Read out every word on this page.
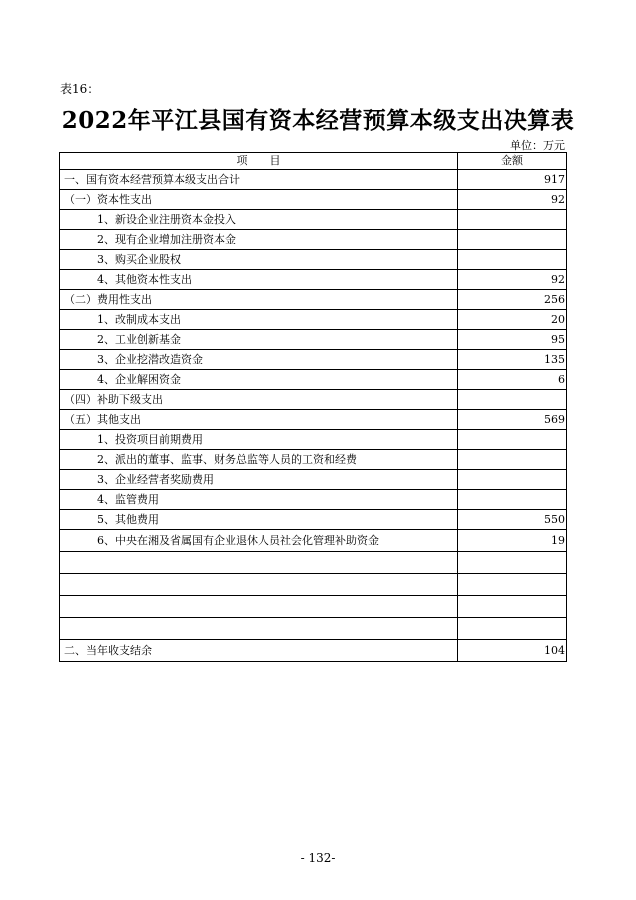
表16：
2022年平江县国有资本经营预算本级支出决算表
单位：万元
项　　目	金额
一、国有资本经营预算本级支出合计	917
（一）资本性支出	92
1、新设企业注册资本金投入	
2、现有企业增加注册资本金	
3、购买企业股权	
4、其他资本性支出	92
（二）费用性支出	256
1、改制成本支出	20
2、工业创新基金	95
3、企业挖潜改造资金	135
4、企业解困资金	6
（四）补助下级支出	
（五）其他支出	569
1、投资项目前期费用	
2、派出的董事、监事、财务总监等人员的工资和经费	
3、企业经营者奖励费用	
4、监管费用	
5、其他费用	550
6、中央在湘及省属国有企业退休人员社会化管理补助资金	19

二、当年收支结余	104
- 132-
